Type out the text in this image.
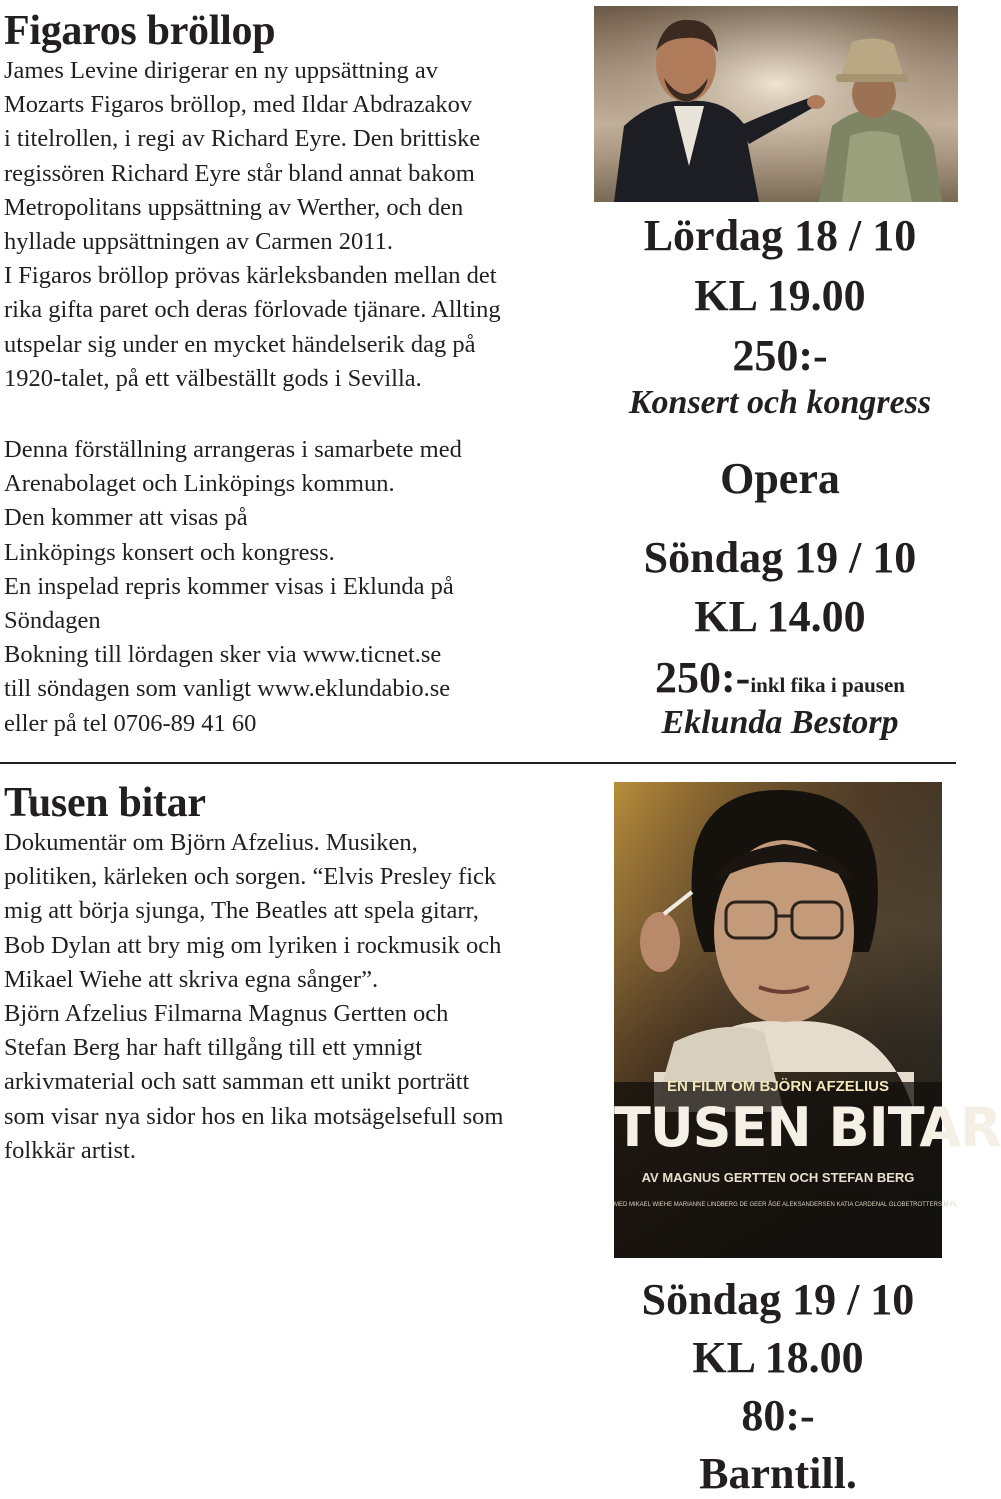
Figaros bröllop
James Levine dirigerar en ny uppsättning av
Mozarts Figaros bröllop, med Ildar Abdrazakov
i titelrollen, i regi av Richard Eyre. Den brittiske
regissören Richard Eyre står bland annat bakom
Metropolitans uppsättning av Werther, och den
hyllade uppsättningen av Carmen 2011.
I Figaros bröllop prövas kärleksbanden mellan det
rika gifta paret och deras förlovade tjänare. Allting
utspelar sig under en mycket händelserik dag på
1920-talet, på ett välbeställt gods i Sevilla.
Denna förställning arrangeras i samarbete med
Arenabolaget och Linköpings kommun.
Den kommer att visas på
Linköpings konsert och kongress.
En inspelad repris kommer visas i Eklunda på
Söndagen
Bokning till lördagen sker via www.ticnet.se
till söndagen som vanligt www.eklundabio.se
eller på tel 0706-89 41 60
Lördag 18 / 10
KL 19.00
250:-
Konsert och kongress
Opera
Söndag 19 / 10
KL 14.00
250:-inkl fika i pausen
Eklunda Bestorp
Tusen bitar
Dokumentär om Björn Afzelius. Musiken,
politiken, kärleken och sorgen. “Elvis Presley fick
mig att börja sjunga, The Beatles att spela gitarr,
Bob Dylan att bry mig om lyriken i rockmusik och
Mikael Wiehe att skriva egna sånger”.
Björn Afzelius Filmarna Magnus Gertten och
Stefan Berg har haft tillgång till ett ymnigt
arkivmaterial och satt samman ett unikt porträtt
som visar nya sidor hos en lika motsägelsefull som
folkkär artist.
EN FILM OM BJÖRN AFZELIUS
TUSEN BITAR
AV MAGNUS GERTTEN OCH STEFAN BERG
MED MIKAEL WIEHE MARIANNE LINDBERG DE GEER ÅGE ALEKSANDERSEN KATIA CARDENAL GLOBETROTTERS M FL
Söndag 19 / 10
KL 18.00
80:-
Barntill.
